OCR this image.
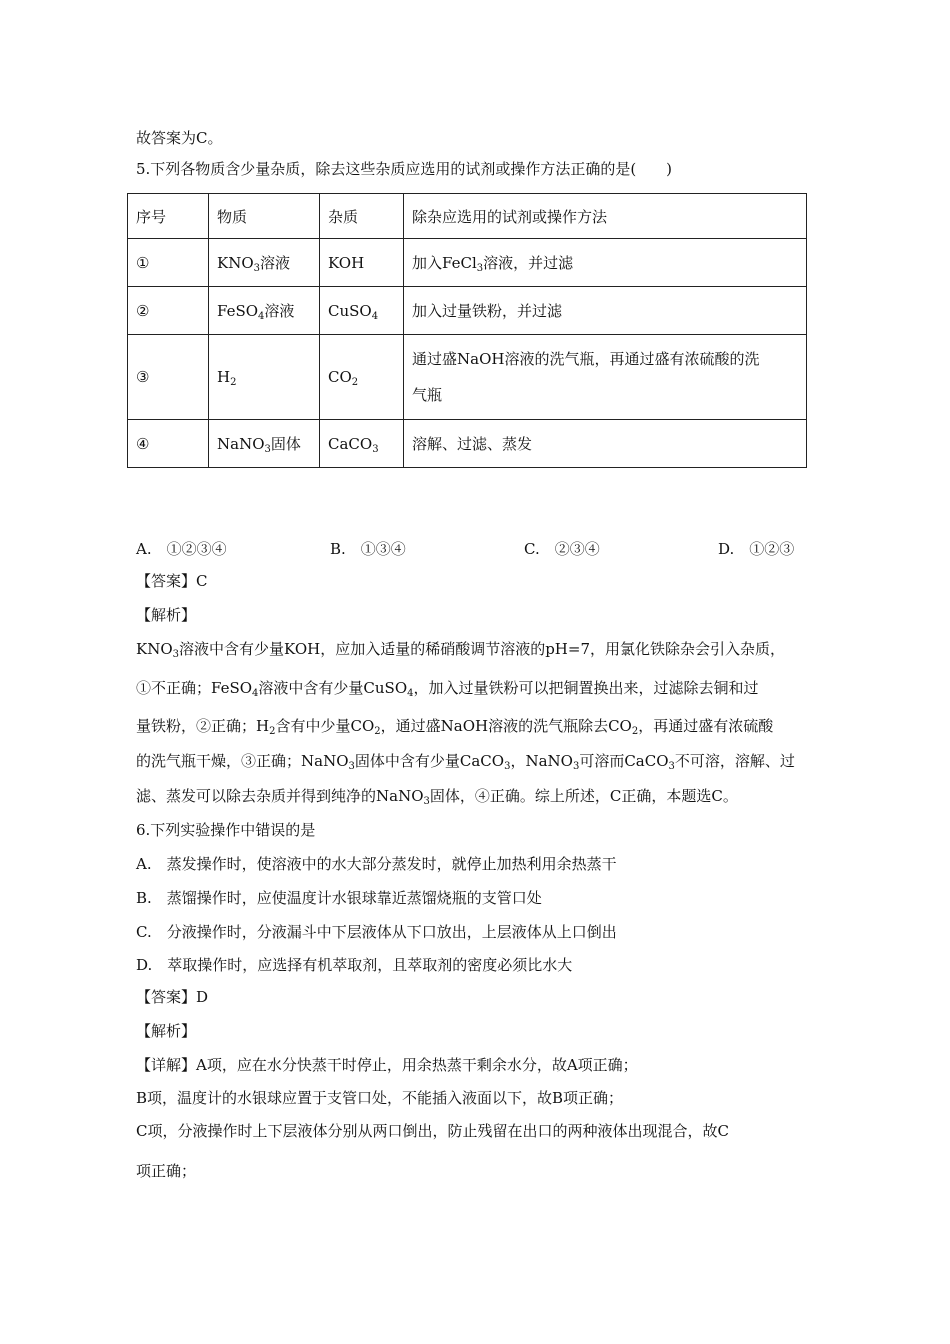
故答案为C。
5.下列各物质含少量杂质，除去这些杂质应选用的试剂或操作方法正确的是(　　)
序号	物质	杂质	除杂应选用的试剂或操作方法
①	$KNO_3$溶液	KOH	加入FeCl$_3$溶液，并过滤
②	FeSO$_4$溶液	CuSO$_4$	加入过量铁粉，并过滤
③	$H_2$	$CO_2$	通过盛NaOH溶液的洗气瓶，再通过盛有浓硫酸的洗
气瓶

④	NaNO$_3$固体	CaCO$_3$	溶解、过滤、蒸发
A.　①②③④	B.　①③④	C.　②③④	D.　①②③
【答案】C
【解析】
$KNO_3$溶液中含有少量KOH，应加入适量的稀硝酸调节溶液的pH=7，用氯化铁除杂会引入杂质，
①不正确；FeSO$_4$溶液中含有少量CuSO$_4$，加入过量铁粉可以把铜置换出来，过滤除去铜和过
量铁粉，②正确；$H_2$含有中少量$CO_2$，通过盛NaOH溶液的洗气瓶除去$CO_2$，再通过盛有浓硫酸
的洗气瓶干燥，③正确；NaNO$_3$固体中含有少量CaCO$_3$，NaNO$_3$可溶而CaCO$_3$不可溶，溶解、过
滤、蒸发可以除去杂质并得到纯净的NaNO$_3$固体，④正确。综上所述，C正确，本题选C。
6.下列实验操作中错误的是
A.　蒸发操作时，使溶液中的水大部分蒸发时，就停止加热利用余热蒸干
B.　蒸馏操作时，应使温度计水银球靠近蒸馏烧瓶的支管口处
C.　分液操作时，分液漏斗中下层液体从下口放出，上层液体从上口倒出
D.　萃取操作时，应选择有机萃取剂，且萃取剂的密度必须比水大
【答案】D
【解析】
【详解】A项，应在水分快蒸干时停止，用余热蒸干剩余水分，故A项正确；
B项，温度计的水银球应置于支管口处，不能插入液面以下，故B项正确；
C项，分液操作时上下层液体分别从两口倒出，防止残留在出口的两种液体出现混合，故C
项正确；
